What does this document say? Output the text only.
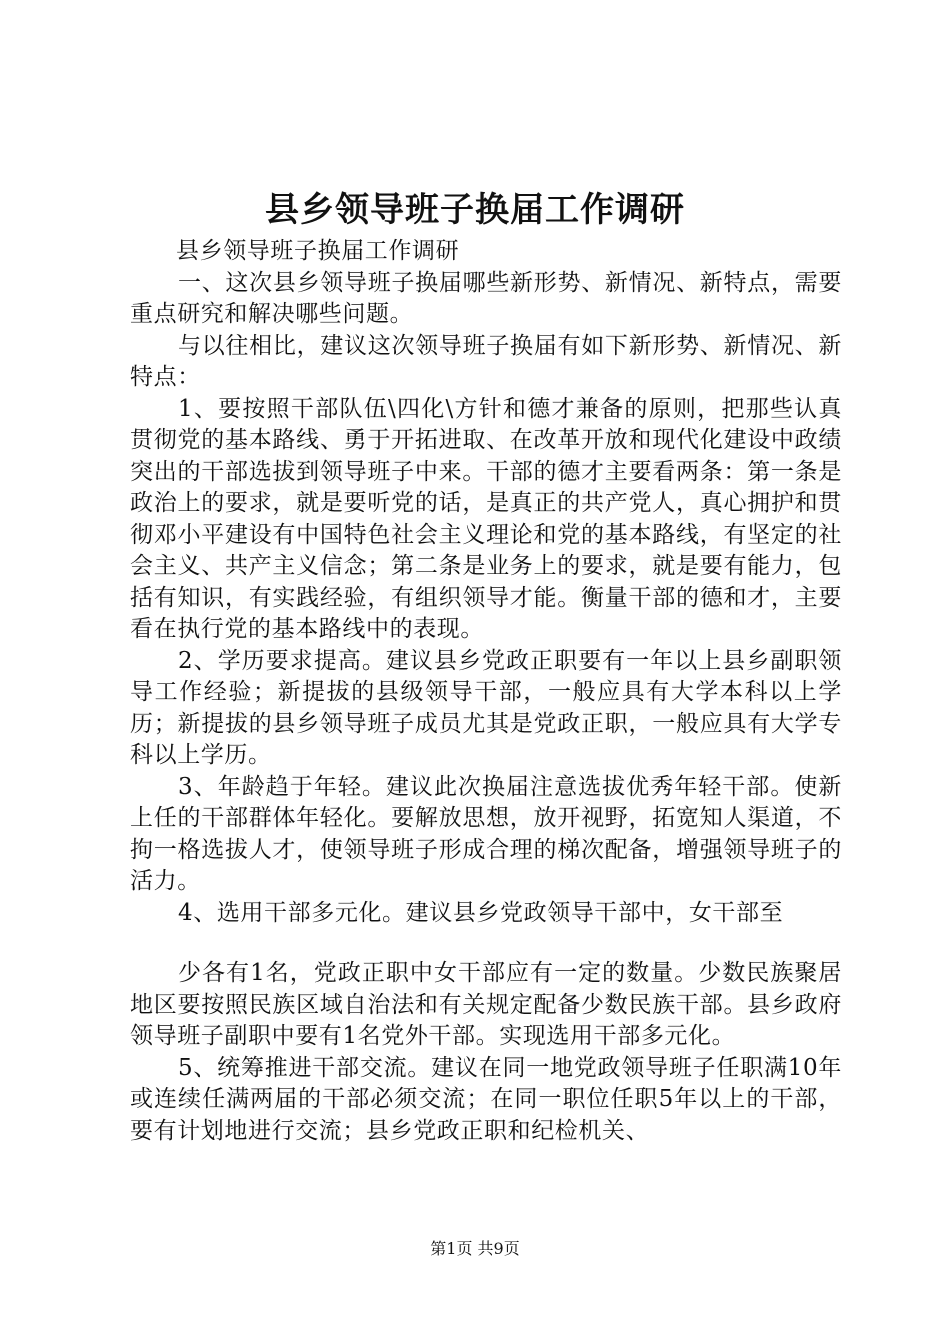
县乡领导班子换届工作调研

县乡领导班子换届工作调研

一、这次县乡领导班子换届哪些新形势、新情况、新特点，需要重点研究和解决哪些问题。

与以往相比，建议这次领导班子换届有如下新形势、新情况、新特点：

1、要按照干部队伍\四化\方针和德才兼备的原则，把那些认真贯彻党的基本路线、勇于开拓进取、在改革开放和现代化建设中政绩突出的干部选拔到领导班子中来。干部的德才主要看两条：第一条是政治上的要求，就是要听党的话，是真正的共产党人，真心拥护和贯彻邓小平建设有中国特色社会主义理论和党的基本路线，有坚定的社会主义、共产主义信念；第二条是业务上的要求，就是要有能力，包括有知识，有实践经验，有组织领导才能。衡量干部的德和才，主要看在执行党的基本路线中的表现。

2、学历要求提高。建议县乡党政正职要有一年以上县乡副职领导工作经验；新提拔的县级领导干部，一般应具有大学本科以上学历；新提拔的县乡领导班子成员尤其是党政正职，一般应具有大学专科以上学历。

3、年龄趋于年轻。建议此次换届注意选拔优秀年轻干部。使新上任的干部群体年轻化。要解放思想，放开视野，拓宽知人渠道，不拘一格选拔人才，使领导班子形成合理的梯次配备，增强领导班子的活力。

4、选用干部多元化。建议县乡党政领导干部中，女干部至

少各有1名，党政正职中女干部应有一定的数量。少数民族聚居地区要按照民族区域自治法和有关规定配备少数民族干部。县乡政府领导班子副职中要有1名党外干部。实现选用干部多元化。

5、统筹推进干部交流。建议在同一地党政领导班子任职满10年或连续任满两届的干部必须交流；在同一职位任职5年以上的干部，要有计划地进行交流；县乡党政正职和纪检机关、

第1页 共9页
